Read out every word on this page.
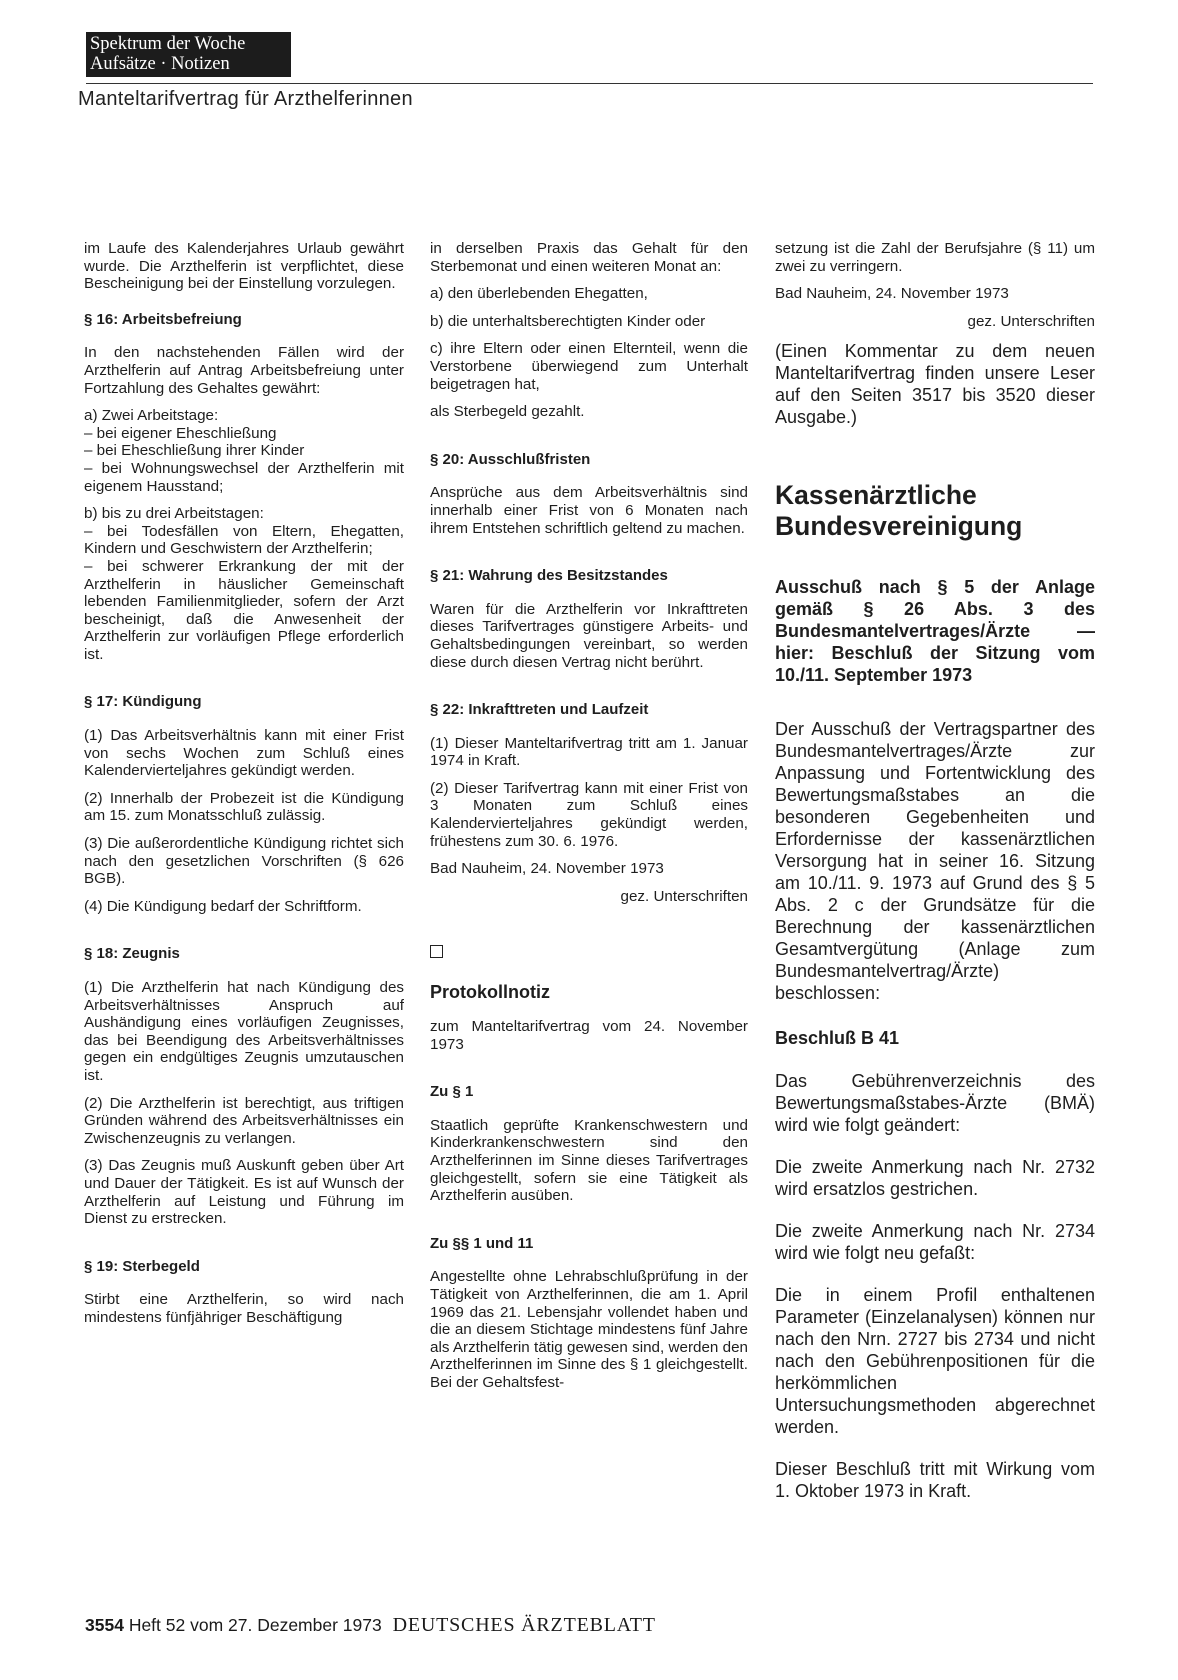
Spektrum der Woche
Aufsätze · Notizen
Manteltarifvertrag für Arzthelferinnen

im Laufe des Kalenderjahres Urlaub gewährt wurde. Die Arzthelferin ist verpflichtet, diese Bescheinigung bei der Einstellung vorzulegen.

§ 16: Arbeitsbefreiung

In den nachstehenden Fällen wird der Arzthelferin auf Antrag Arbeitsbefreiung unter Fortzahlung des Gehaltes gewährt:

a) Zwei Arbeitstage:

– bei eigener Eheschließung

– bei Eheschließung ihrer Kinder

– bei Wohnungswechsel der Arzthelferin mit eigenem Hausstand;

b) bis zu drei Arbeitstagen:

– bei Todesfällen von Eltern, Ehegatten, Kindern und Geschwistern der Arzthelferin;

– bei schwerer Erkrankung der mit der Arzthelferin in häuslicher Gemeinschaft lebenden Familienmitglieder, sofern der Arzt bescheinigt, daß die Anwesenheit der Arzthelferin zur vorläufigen Pflege erforderlich ist.

§ 17: Kündigung

(1) Das Arbeitsverhältnis kann mit einer Frist von sechs Wochen zum Schluß eines Kalendervierteljahres gekündigt werden.

(2) Innerhalb der Probezeit ist die Kündigung am 15. zum Monatsschluß zulässig.

(3) Die außerordentliche Kündigung richtet sich nach den gesetzlichen Vorschriften (§ 626 BGB).

(4) Die Kündigung bedarf der Schriftform.

§ 18: Zeugnis

(1) Die Arzthelferin hat nach Kündigung des Arbeitsverhältnisses Anspruch auf Aushändigung eines vorläufigen Zeugnisses, das bei Beendigung des Arbeitsverhältnisses gegen ein endgültiges Zeugnis umzutauschen ist.

(2) Die Arzthelferin ist berechtigt, aus triftigen Gründen während des Arbeitsverhältnisses ein Zwischenzeugnis zu verlangen.

(3) Das Zeugnis muß Auskunft geben über Art und Dauer der Tätigkeit. Es ist auf Wunsch der Arzthelferin auf Leistung und Führung im Dienst zu erstrecken.

§ 19: Sterbegeld

Stirbt eine Arzthelferin, so wird nach mindestens fünfjähriger Beschäftigung

in derselben Praxis das Gehalt für den Sterbemonat und einen weiteren Monat an:

a) den überlebenden Ehegatten,

b) die unterhaltsberechtigten Kinder oder

c) ihre Eltern oder einen Elternteil, wenn die Verstorbene überwiegend zum Unterhalt beigetragen hat,

als Sterbegeld gezahlt.

§ 20: Ausschlußfristen

Ansprüche aus dem Arbeitsverhältnis sind innerhalb einer Frist von 6 Monaten nach ihrem Entstehen schriftlich geltend zu machen.

§ 21: Wahrung des Besitzstandes

Waren für die Arzthelferin vor Inkrafttreten dieses Tarifvertrages günstigere Arbeits- und Gehaltsbedingungen vereinbart, so werden diese durch diesen Vertrag nicht berührt.

§ 22: Inkrafttreten und Laufzeit

(1) Dieser Manteltarifvertrag tritt am 1. Januar 1974 in Kraft.

(2) Dieser Tarifvertrag kann mit einer Frist von 3 Monaten zum Schluß eines Kalendervierteljahres gekündigt werden, frühestens zum 30. 6. 1976.

Bad Nauheim, 24. November 1973

gez. Unterschriften

Protokollnotiz

zum Manteltarifvertrag vom 24. November 1973

Zu § 1

Staatlich geprüfte Krankenschwestern und Kinderkrankenschwestern sind den Arzthelferinnen im Sinne dieses Tarifvertrages gleichgestellt, sofern sie eine Tätigkeit als Arzthelferin ausüben.

Zu §§ 1 und 11

Angestellte ohne Lehrabschlußprüfung in der Tätigkeit von Arzthelferinnen, die am 1. April 1969 das 21. Lebensjahr vollendet haben und die an diesem Stichtage mindestens fünf Jahre als Arzthelferin tätig gewesen sind, werden den Arzthelferinnen im Sinne des § 1 gleichgestellt. Bei der Gehaltsfest-

setzung ist die Zahl der Berufsjahre (§ 11) um zwei zu verringern.

Bad Nauheim, 24. November 1973

gez. Unterschriften

(Einen Kommentar zu dem neuen Manteltarifvertrag finden unsere Leser auf den Seiten 3517 bis 3520 dieser Ausgabe.)

Kassenärztliche Bundesvereinigung
Ausschuß nach § 5 der Anlage gemäß § 26 Abs. 3 des Bundesmantelvertrages/Ärzte — hier: Beschluß der Sitzung vom 10./11. September 1973

Der Ausschuß der Vertragspartner des Bundesmantelvertrages/Ärzte zur Anpassung und Fortentwicklung des Bewertungsmaßstabes an die besonderen Gegebenheiten und Erfordernisse der kassenärztlichen Versorgung hat in seiner 16. Sitzung am 10./11. 9. 1973 auf Grund des § 5 Abs. 2 c der Grundsätze für die Berechnung der kassenärztlichen Gesamtvergütung (Anlage zum Bundesmantelvertrag/Ärzte) beschlossen:

Beschluß B 41

Das Gebührenverzeichnis des Bewertungsmaßstabes-Ärzte (BMÄ) wird wie folgt geändert:

Die zweite Anmerkung nach Nr. 2732 wird ersatzlos gestrichen.

Die zweite Anmerkung nach Nr. 2734 wird wie folgt neu gefaßt:

Die in einem Profil enthaltenen Parameter (Einzelanalysen) können nur nach den Nrn. 2727 bis 2734 und nicht nach den Gebührenpositionen für die herkömmlichen Untersuchungsmethoden abgerechnet werden.

Dieser Beschluß tritt mit Wirkung vom 1. Oktober 1973 in Kraft.

3554 Heft 52 vom 27. Dezember 1973 DEUTSCHES ÄRZTEBLATT
